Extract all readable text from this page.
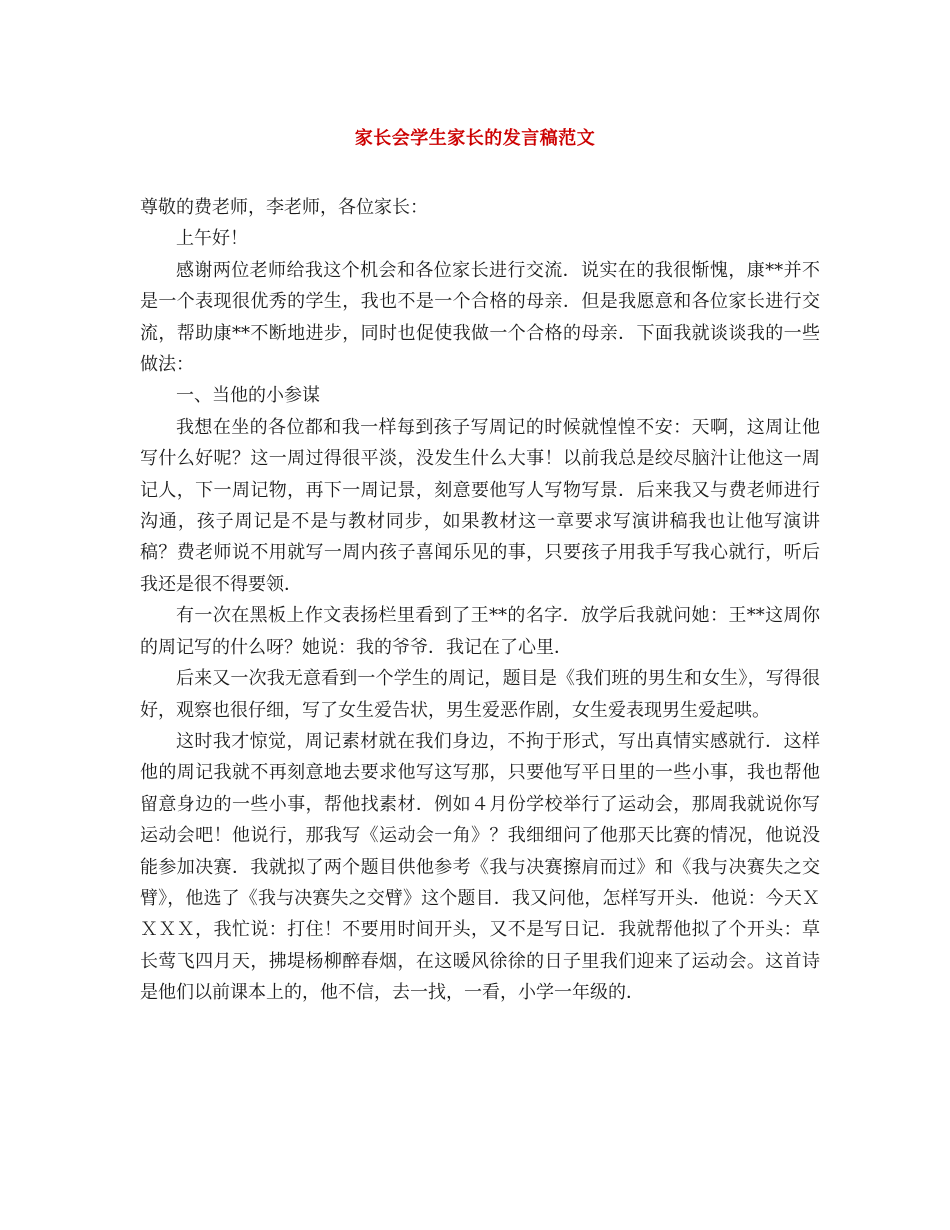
家长会学生家长的发言稿范文

尊敬的费老师，李老师，各位家长：

上午好！

感谢两位老师给我这个机会和各位家长进行交流．说实在的我很惭愧，康**并不是一个表现很优秀的学生，我也不是一个合格的母亲．但是我愿意和各位家长进行交流，帮助康**不断地进步，同时也促使我做一个合格的母亲．下面我就谈谈我的一些做法：

一、当他的小参谋

我想在坐的各位都和我一样每到孩子写周记的时候就惶惶不安：天啊，这周让他写什么好呢？这一周过得很平淡，没发生什么大事！以前我总是绞尽脑汁让他这一周记人，下一周记物，再下一周记景，刻意要他写人写物写景．后来我又与费老师进行沟通，孩子周记是不是与教材同步，如果教材这一章要求写演讲稿我也让他写演讲稿？费老师说不用就写一周内孩子喜闻乐见的事，只要孩子用我手写我心就行，听后我还是很不得要领．

有一次在黑板上作文表扬栏里看到了王**的名字．放学后我就问她：王**这周你的周记写的什么呀？她说：我的爷爷．我记在了心里．

后来又一次我无意看到一个学生的周记，题目是《我们班的男生和女生》，写得很好，观察也很仔细，写了女生爱告状，男生爱恶作剧，女生爱表现男生爱起哄。

这时我才惊觉，周记素材就在我们身边，不拘于形式，写出真情实感就行．这样他的周记我就不再刻意地去要求他写这写那，只要他写平日里的一些小事，我也帮他留意身边的一些小事，帮他找素材．例如４月份学校举行了运动会，那周我就说你写运动会吧！他说行，那我写《运动会一角》？我细细问了他那天比赛的情况，他说没能参加决赛．我就拟了两个题目供他参考《我与决赛擦肩而过》和《我与决赛失之交臂》，他选了《我与决赛失之交臂》这个题目．我又问他，怎样写开头．他说：今天ＸＸＸＸ，我忙说：打住！不要用时间开头，又不是写日记．我就帮他拟了个开头：草长莺飞四月天，拂堤杨柳醉春烟，在这暖风徐徐的日子里我们迎来了运动会。这首诗是他们以前课本上的，他不信，去一找，一看，小学一年级的．
